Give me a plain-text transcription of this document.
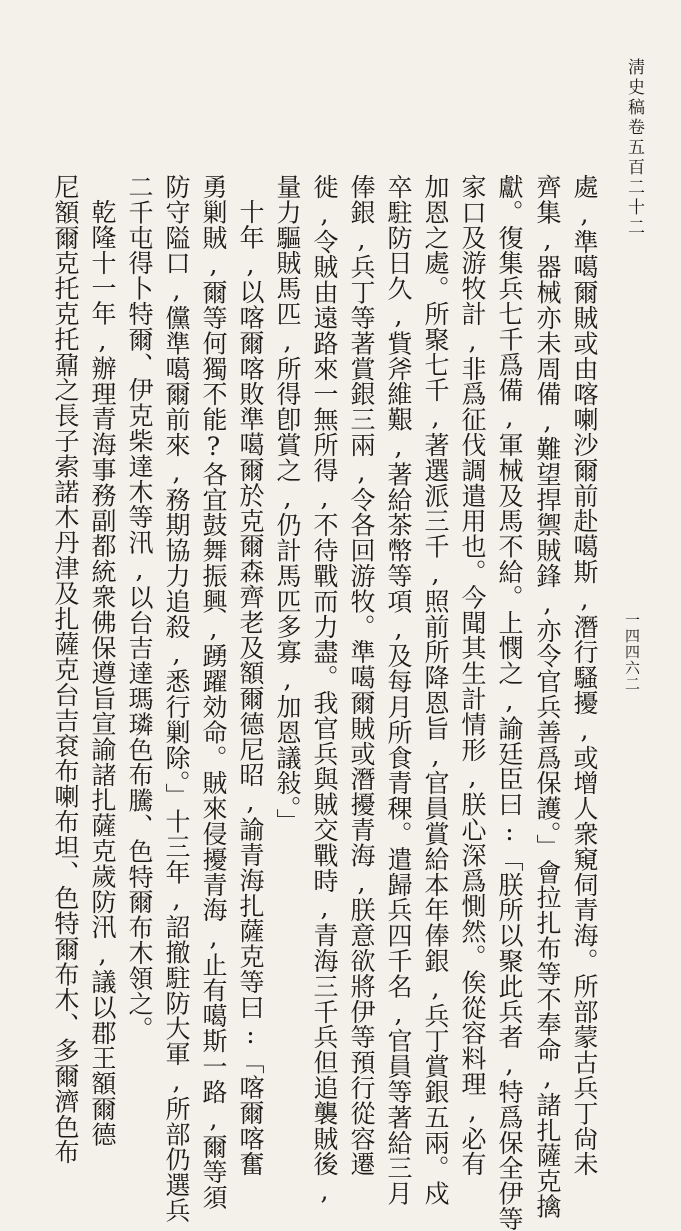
淸史稿卷五百二十二
一四四六二
處,準噶爾賊或由喀喇沙爾前赴噶斯,潛行騷擾,或增人衆窺伺青海。所部蒙古兵丁尙未
齊集,器械亦未周備,難望捍禦賊鋒,亦令官兵善爲保護。」會拉扎布等不奉命,諸扎薩克擒
獻。復集兵七千爲備,軍械及馬不給。上憫之,諭廷臣曰:「朕所以聚此兵者,特爲保全伊等
家口及游牧計,非爲征伐調遣用也。今聞其生計情形,朕心深爲惻然。俟從容料理,必有
加恩之處。所聚七千,著選派三千,照前所降恩旨,官員賞給本年俸銀,兵丁賞銀五兩。戍
卒駐防日久,貲斧維艱,著給茶幣等項,及每月所食青稞。遣歸兵四千名,官員等著給三月
俸銀,兵丁等著賞銀三兩,令各回游牧。準噶爾賊或潛擾青海,朕意欲將伊等預行從容遷
徙,令賊由遠路來一無所得,不待戰而力盡。我官兵與賊交戰時,青海三千兵但追襲賊後,
量力驅賊馬匹,所得卽賞之,仍計馬匹多寡,加恩議敍。」
十年,以喀爾喀敗準噶爾於克爾森齊老及額爾德尼昭,諭青海扎薩克等曰:「喀爾喀奮
勇剿賊,爾等何獨不能?各宜鼓舞振興,踴躍効命。賊來侵擾青海,止有噶斯一路,爾等須
防守隘口,儻準噶爾前來,務期協力追殺,悉行剿除。」十三年,詔撤駐防大軍,所部仍選兵
二千屯得卜特爾、伊克柴達木等汛,以台吉達瑪璘色布騰、色特爾布木領之。
乾隆十一年,辦理青海事務副都統衆佛保遵旨宣諭諸扎薩克歲防汛,議以郡王額爾德
尼額爾克托克托鼐之長子索諾木丹津及扎薩克台吉袞布喇布坦、色特爾布木、多爾濟色布
